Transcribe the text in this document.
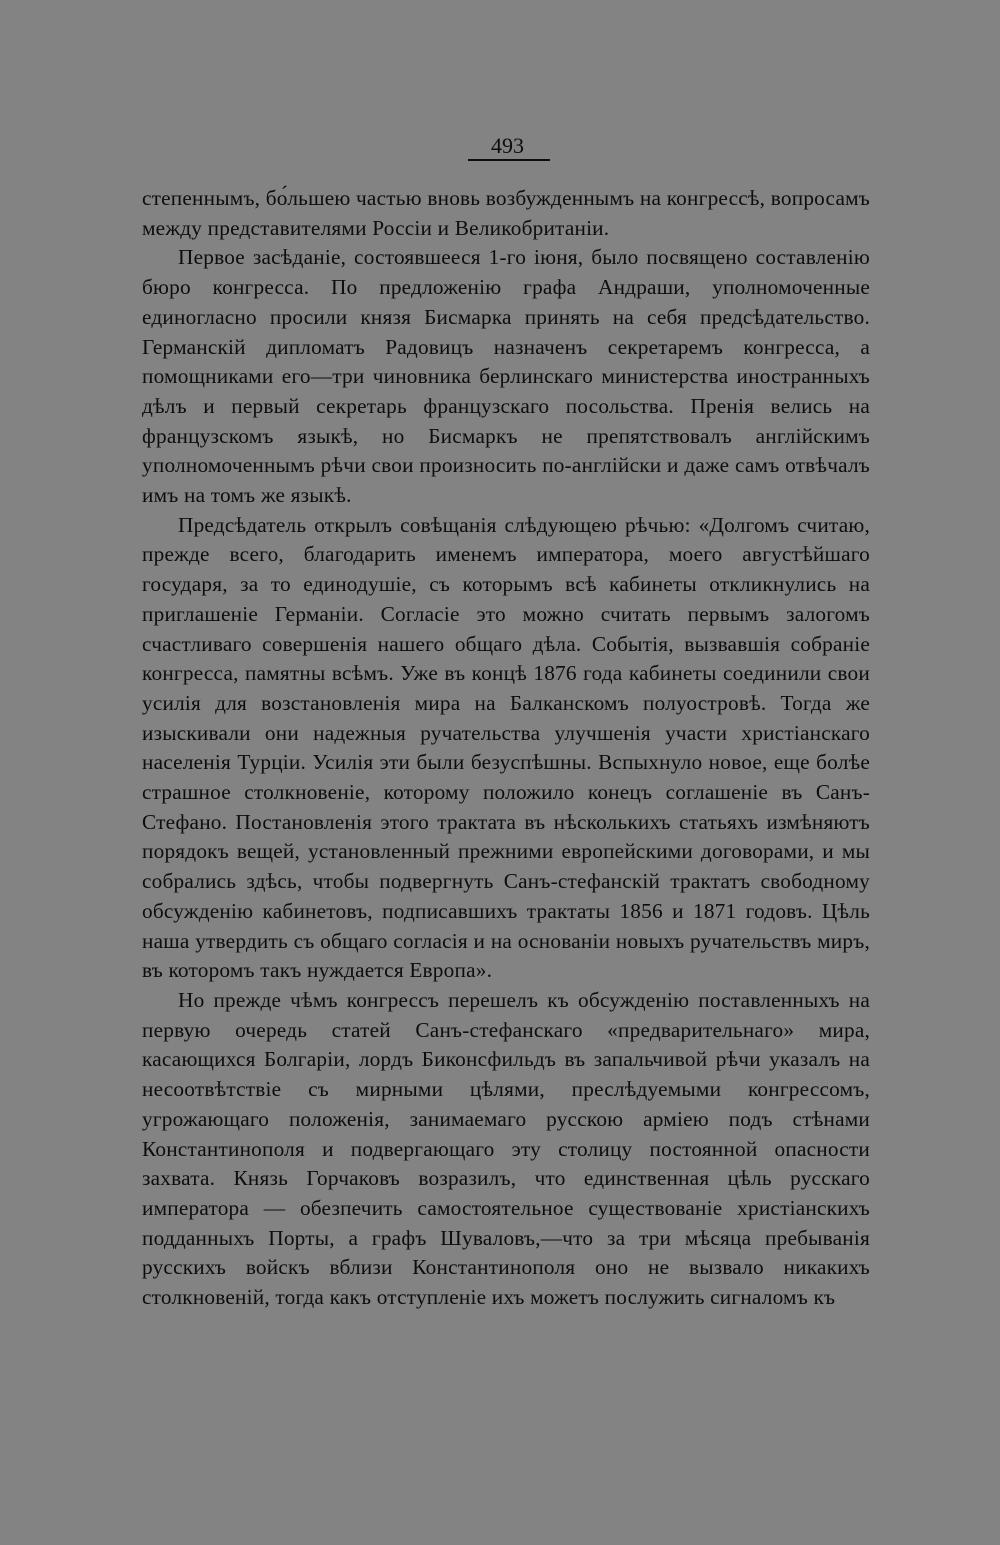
493

степеннымъ, бо́льшею частью вновь возбужденнымъ на конгрессѣ, вопросамъ между представителями Россіи и Великобританіи.

Первое засѣданіе, состоявшееся 1-го іюня, было посвящено составленію бюро конгресса. По предложенію графа Андраши, уполномоченные единогласно просили князя Бисмарка принять на себя предсѣдательство. Германскій дипломатъ Радовицъ назначенъ секретаремъ конгресса, а помощниками его—три чиновника берлинскаго министерства иностранныхъ дѣлъ и первый секретарь французскаго посольства. Пренія велись на французскомъ языкѣ, но Бисмаркъ не препятствовалъ англійскимъ уполномоченнымъ рѣчи свои произносить по-англійски и даже самъ отвѣчалъ имъ на томъ же языкѣ.

Предсѣдатель открылъ совѣщанія слѣдующею рѣчью: «Долгомъ считаю, прежде всего, благодарить именемъ императора, моего августѣйшаго государя, за то единодушіе, съ которымъ всѣ кабинеты откликнулись на приглашеніе Германіи. Согласіе это можно считать первымъ залогомъ счастливаго совершенія нашего общаго дѣла. Событія, вызвавшія собраніе конгресса, памятны всѣмъ. Уже въ концѣ 1876 года кабинеты соединили свои усилія для возстановленія мира на Балканскомъ полуостровѣ. Тогда же изыскивали они надежныя ручательства улучшенія участи христіанскаго населенія Турціи. Усилія эти были безуспѣшны. Вспыхнуло новое, еще болѣе страшное столкновеніе, которому положило конецъ соглашеніе въ Санъ-Стефано. Постановленія этого трактата въ нѣсколькихъ статьяхъ измѣняютъ порядокъ вещей, установленный прежними европейскими договорами, и мы собрались здѣсь, чтобы подвергнуть Санъ-стефанскій трактатъ свободному обсужденію кабинетовъ, подписавшихъ трактаты 1856 и 1871 годовъ. Цѣль наша утвердить съ общаго согласія и на основаніи новыхъ ручательствъ миръ, въ которомъ такъ нуждается Европа».

Но прежде чѣмъ конгрессъ перешелъ къ обсужденію поставленныхъ на первую очередь статей Санъ-стефанскаго «предварительнаго» мира, касающихся Болгаріи, лордъ Биконсфильдъ въ запальчивой рѣчи указалъ на несоотвѣтствіе съ мирными цѣлями, преслѣдуемыми конгрессомъ, угрожающаго положенія, занимаемаго русскою арміею подъ стѣнами Константинополя и подвергающаго эту столицу постоянной опасности захвата. Князь Горчаковъ возразилъ, что единственная цѣль русскаго императора — обезпечить самостоятельное существованіе христіанскихъ подданныхъ Порты, а графъ Шуваловъ,—что за три мѣсяца пребыванія русскихъ войскъ вблизи Константинополя оно не вызвало никакихъ столкновеній, тогда какъ отступленіе ихъ можетъ послужить сигналомъ къ
